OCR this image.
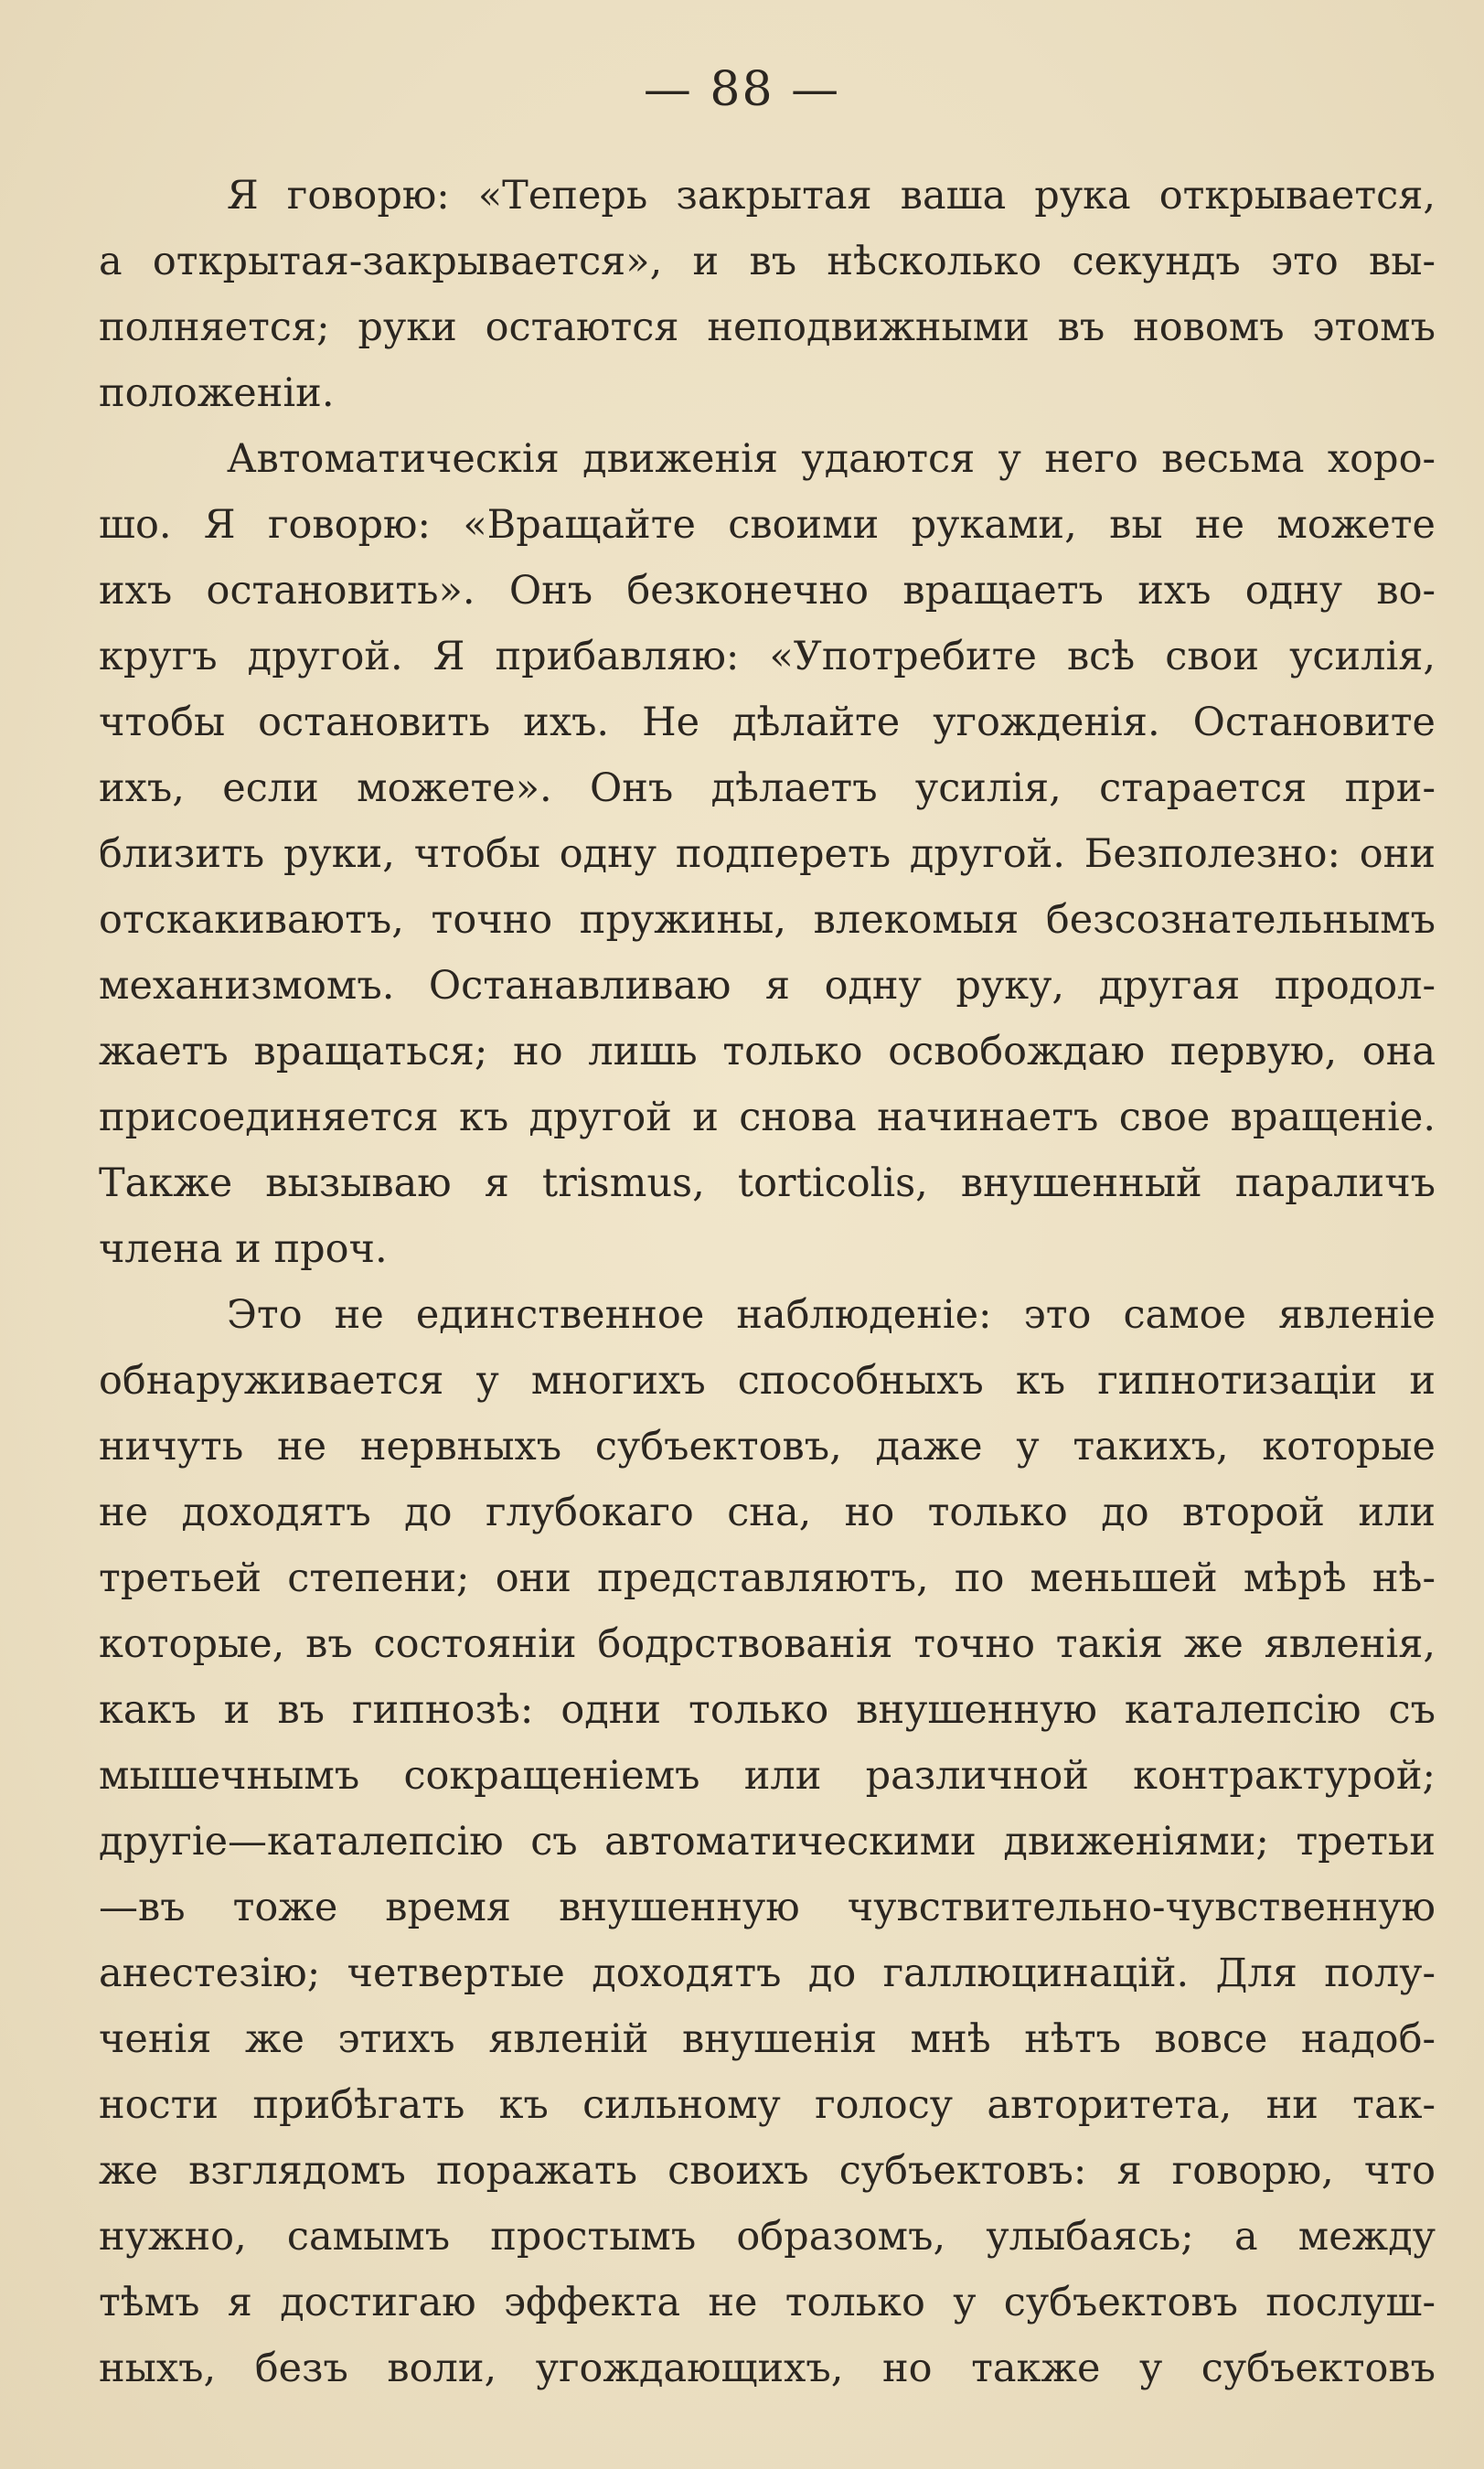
— 88 —
Я говорю: «Теперь закрытая ваша рука открывается,
а открытая-закрывается», и въ нѣсколько секундъ это вы-
полняется; руки остаются неподвижными въ новомъ этомъ
положеніи.
Автоматическія движенія удаются у него весьма хоро-
шо. Я говорю: «Вращайте своими руками, вы не можете
ихъ остановить». Онъ безконечно вращаетъ ихъ одну во-
кругъ другой. Я прибавляю: «Употребите всѣ свои усилія,
чтобы остановить ихъ. Не дѣлайте угожденія. Остановите
ихъ, если можете». Онъ дѣлаетъ усилія, старается при-
близить руки, чтобы одну подпереть другой. Безполезно: они
отскакиваютъ, точно пружины, влекомыя безсознательнымъ
механизмомъ. Останавливаю я одну руку, другая продол-
жаетъ вращаться; но лишь только освобождаю первую, она
присоединяется къ другой и снова начинаетъ свое вращеніе.
Также вызываю я trismus, torticolis, внушенный параличъ
члена и проч.
Это не единственное наблюденіе: это самое явленіе
обнаруживается у многихъ способныхъ къ гипнотизаціи и
ничуть не нервныхъ субъектовъ, даже у такихъ, которые
не доходятъ до глубокаго сна, но только до второй или
третьей степени; они представляютъ, по меньшей мѣрѣ нѣ-
которые, въ состояніи бодрствованія точно такія же явленія,
какъ и въ гипнозѣ: одни только внушенную каталепсію съ
мышечнымъ сокращеніемъ или различной контрактурой;
другіе—каталепсію съ автоматическими движеніями; третьи
—въ тоже время внушенную чувствительно-чувственную
анестезію; четвертые доходятъ до галлюцинацій. Для полу-
ченія же этихъ явленій внушенія мнѣ нѣтъ вовсе надоб-
ности прибѣгать къ сильному голосу авторитета, ни так-
же взглядомъ поражать своихъ субъектовъ: я говорю, что
нужно, самымъ простымъ образомъ, улыбаясь; а между
тѣмъ я достигаю эффекта не только у субъектовъ послуш-
ныхъ, безъ воли, угождающихъ, но также у субъектовъ
